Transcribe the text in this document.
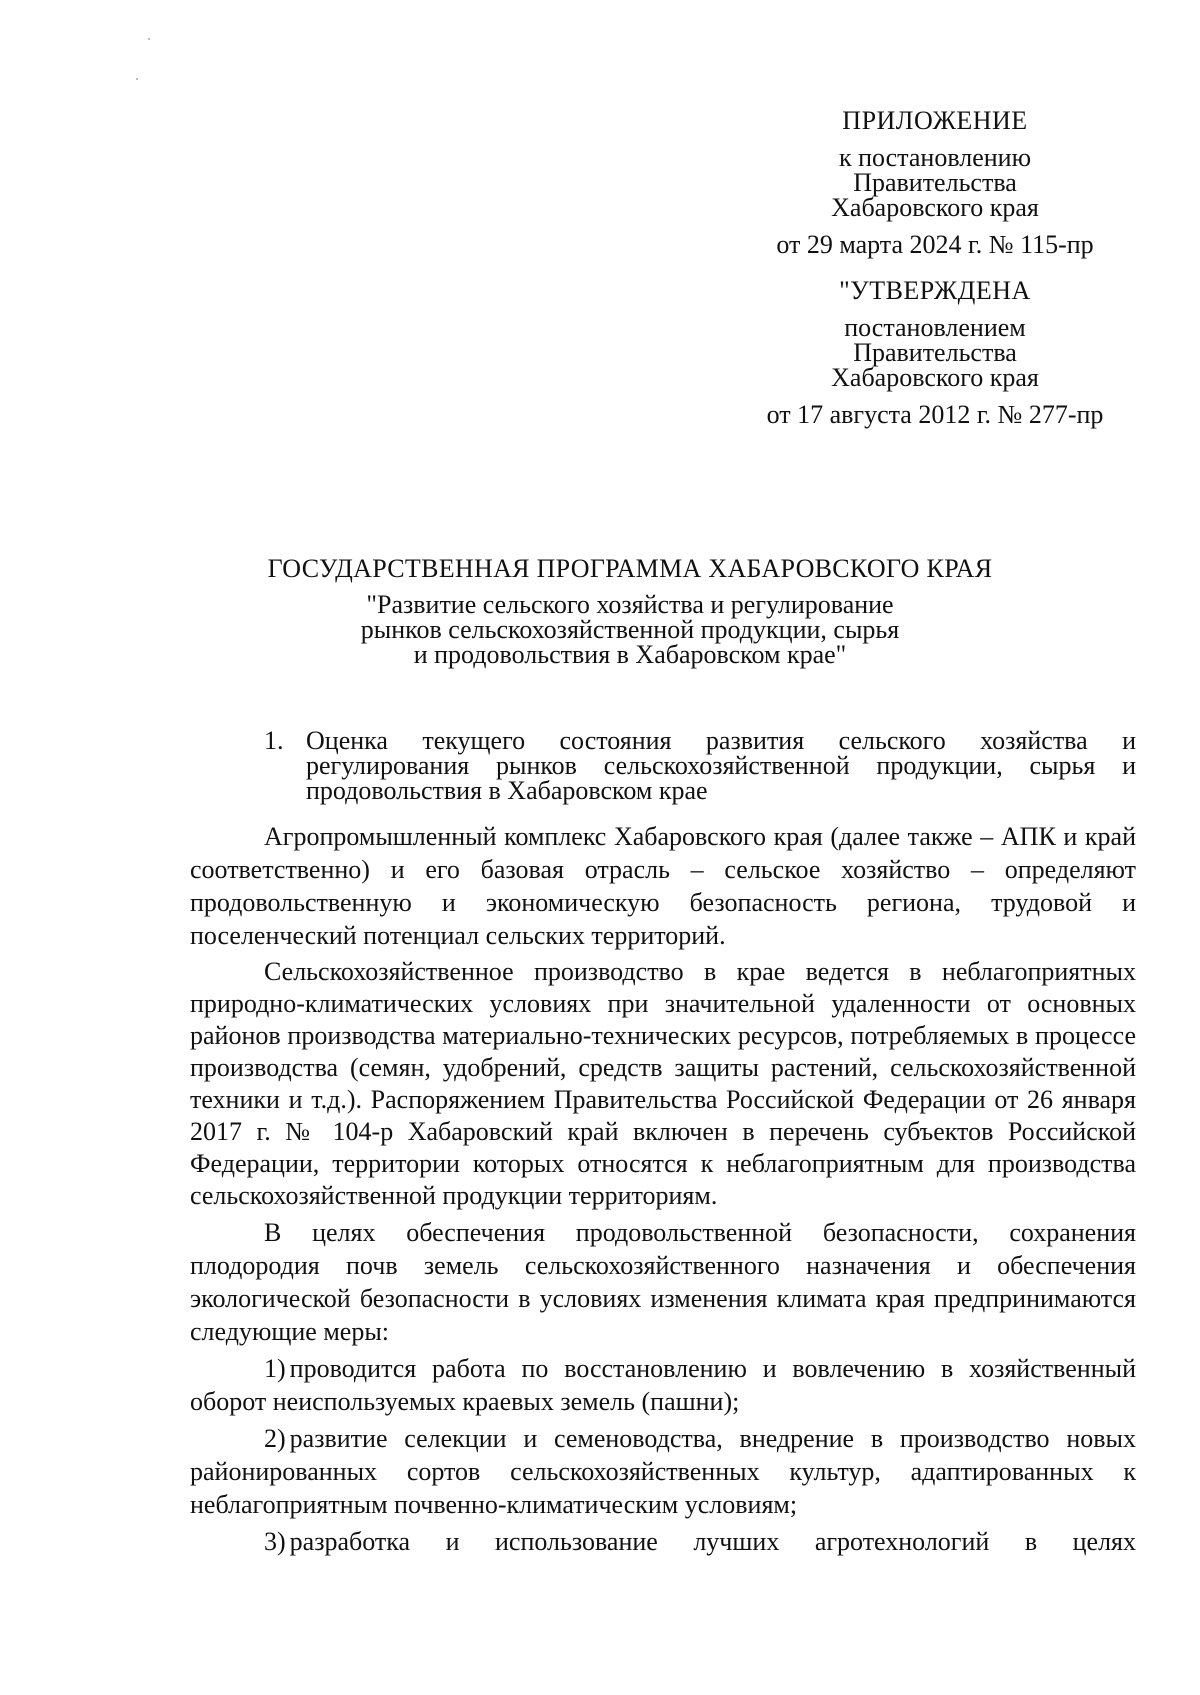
ПРИЛОЖЕНИЕ
к постановлению
Правительства
Хабаровского края
от 29 марта 2024 г. № 115-пр
"УТВЕРЖДЕНА
постановлением
Правительства
Хабаровского края
от 17 августа 2012 г. № 277-пр
ГОСУДАРСТВЕННАЯ ПРОГРАММА ХАБАРОВСКОГО КРАЯ
"Развитие сельского хозяйства и регулирование
рынков сельскохозяйственной продукции, сырья
и продовольствия в Хабаровском крае"
1. Оценка текущего состояния развития сельского хозяйства и
регулирования рынков сельскохозяйственной продукции, сырья и продовольствия в Хабаровском крае

Агропромышленный комплекс Хабаровского края (далее также – АПК и край соответственно) и его базовая отрасль – сельское хозяйство – определяют продовольственную и экономическую безопасность региона, трудовой и поселенческий потенциал сельских территорий.

Сельскохозяйственное производство в крае ведется в неблагоприятных природно-климатических условиях при значительной удаленности от основных районов производства материально-технических ресурсов, потребляемых в процессе производства (семян, удобрений, средств защиты растений, сельскохозяйственной техники и т.д.). Распоряжением Правительства Российской Федерации от 26 января 2017 г. № 104-р Хабаровский край включен в перечень субъектов Российской Федерации, территории которых относятся к неблагоприятным для производства сельскохозяйственной продукции территориям.

В целях обеспечения продовольственной безопасности, сохранения плодородия почв земель сельскохозяйственного назначения и обеспечения экологической безопасности в условиях изменения климата края предпринимаются следующие меры:

1) проводится работа по восстановлению и вовлечению в хозяйственный оборот неиспользуемых краевых земель (пашни);
2) развитие селекции и семеноводства, внедрение в производство новых районированных сортов сельскохозяйственных культур, адаптированных к неблагоприятным почвенно-климатическим условиям;
3) разработка и использование лучших агротехнологий в целях
